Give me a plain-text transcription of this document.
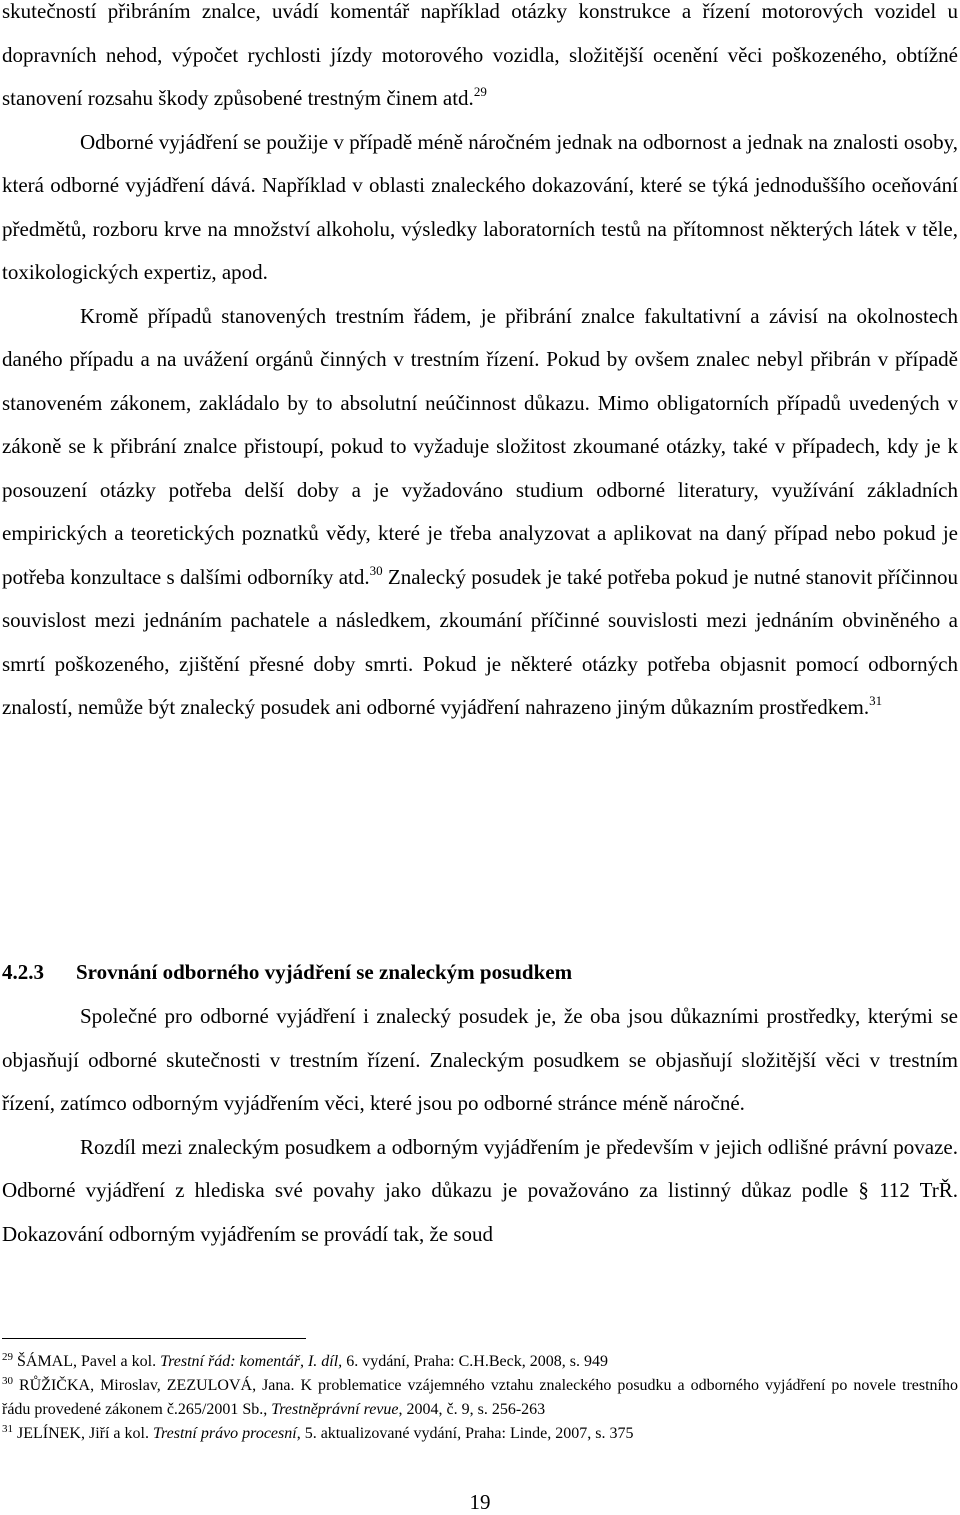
skutečností přibráním znalce, uvádí komentář například otázky konstrukce a řízení motorových vozidel u dopravních nehod, výpočet rychlosti jízdy motorového vozidla, složitější ocenění věci poškozeného, obtížné stanovení rozsahu škody způsobené trestným činem atd.$^{29}$

Odborné vyjádření se použije v případě méně náročném jednak na odbornost a jednak na znalosti osoby, která odborné vyjádření dává. Například v oblasti znaleckého dokazování, které se týká jednoduššího oceňování předmětů, rozboru krve na množství alkoholu, výsledky laboratorních testů na přítomnost některých látek v těle, toxikologických expertiz, apod.

Kromě případů stanovených trestním řádem, je přibrání znalce fakultativní a závisí na okolnostech daného případu a na uvážení orgánů činných v trestním řízení. Pokud by ovšem znalec nebyl přibrán v případě stanoveném zákonem, zakládalo by to absolutní neúčinnost důkazu. Mimo obligatorních případů uvedených v zákoně se k přibrání znalce přistoupí, pokud to vyžaduje složitost zkoumané otázky, také v případech, kdy je k posouzení otázky potřeba delší doby a je vyžadováno studium odborné literatury, využívání základních empirických a teoretických poznatků vědy, které je třeba analyzovat a aplikovat na daný případ nebo pokud je potřeba konzultace s dalšími odborníky atd.$^{30}$ Znalecký posudek je také potřeba pokud je nutné stanovit příčinnou souvislost mezi jednáním pachatele a následkem, zkoumání příčinné souvislosti mezi jednáním obviněného a smrtí poškozeného, zjištění přesné doby smrti. Pokud je některé otázky potřeba objasnit pomocí odborných znalostí, nemůže být znalecký posudek ani odborné vyjádření nahrazeno jiným důkazním prostředkem.$^{31}$

4.2.3 Srovnání odborného vyjádření se znaleckým posudkem

Společné pro odborné vyjádření i znalecký posudek je, že oba jsou důkazními prostředky, kterými se objasňují odborné skutečnosti v trestním řízení. Znaleckým posudkem se objasňují složitější věci v trestním řízení, zatímco odborným vyjádřením věci, které jsou po odborné stránce méně náročné.

Rozdíl mezi znaleckým posudkem a odborným vyjádřením je především v jejich odlišné právní povaze. Odborné vyjádření z hlediska své povahy jako důkazu je považováno za listinný důkaz podle § 112 TrŘ. Dokazování odborným vyjádřením se provádí tak, že soud

$^{29}$ ŠÁMAL, Pavel a kol. Trestní řád: komentář, I. díl, 6. vydání, Praha: C.H.Beck, 2008, s. 949

$^{30}$ RŮŽIČKA, Miroslav, ZEZULOVÁ, Jana. K problematice vzájemného vztahu znaleckého posudku a odborného vyjádření po novele trestního řádu provedené zákonem č.265/2001 Sb., Trestněprávní revue, 2004, č. 9, s. 256-263

$^{31}$ JELÍNEK, Jiří a kol. Trestní právo procesní, 5. aktualizované vydání, Praha: Linde, 2007, s. 375

19
